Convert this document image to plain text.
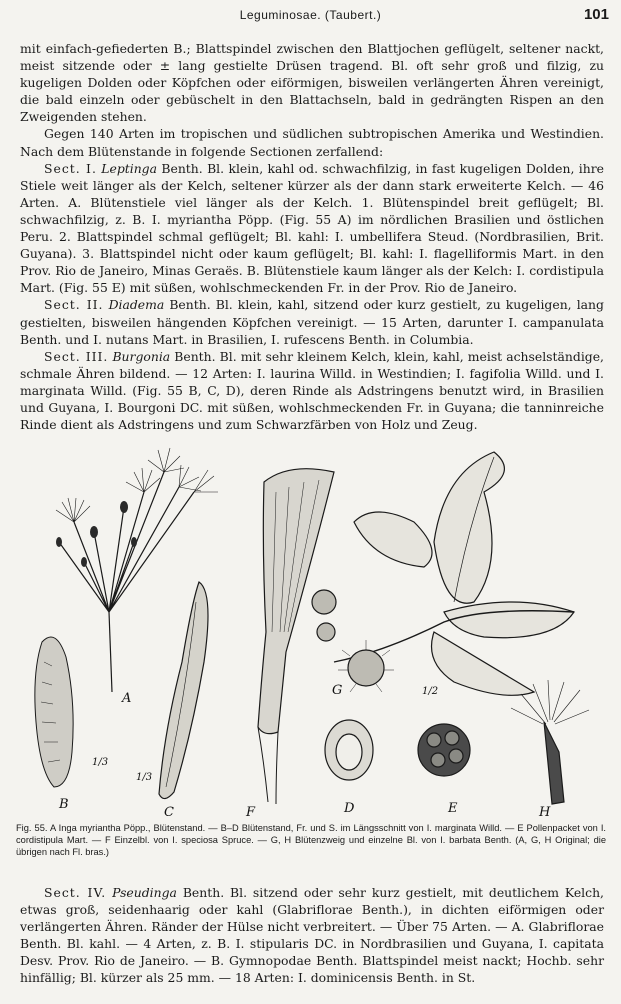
Leguminosae. (Taubert.)	101

mit einfach-gefiederten B.; Blattspindel zwischen den Blattjochen geflügelt, seltener nackt, meist sitzende oder ± lang gestielte Drüsen tragend. Bl. oft sehr groß und filzig, zu kugeligen Dolden oder Köpfchen oder eiförmigen, bisweilen verlängerten Ähren vereinigt, die bald einzeln oder gebüschelt in den Blattachseln, bald in gedrängten Rispen an den Zweigenden stehen.

Gegen 140 Arten im tropischen und südlichen subtropischen Amerika und Westindien. Nach dem Blütenstande in folgende Sectionen zerfallend:

Sect. I. Leptinga Benth. Bl. klein, kahl od. schwachfilzig, in fast kugeligen Dolden, ihre Stiele weit länger als der Kelch, seltener kürzer als der dann stark erweiterte Kelch. — 46 Arten. A. Blütenstiele viel länger als der Kelch. 1. Blütenspindel breit geflügelt; Bl. schwachfilzig, z. B. I. myriantha Pöpp. (Fig. 55 A) im nördlichen Brasilien und östlichen Peru. 2. Blattspindel schmal geflügelt; Bl. kahl: I. umbellifera Steud. (Nordbrasilien, Brit. Guyana). 3. Blattspindel nicht oder kaum geflügelt; Bl. kahl: I. flagelliformis Mart. in den Prov. Rio de Janeiro, Minas Geraës. B. Blütenstiele kaum länger als der Kelch: I. cordistipula Mart. (Fig. 55 E) mit süßen, wohlschmeckenden Fr. in der Prov. Rio de Janeiro.

Sect. II. Diadema Benth. Bl. klein, kahl, sitzend oder kurz gestielt, zu kugeligen, lang gestielten, bisweilen hängenden Köpfchen vereinigt. — 15 Arten, darunter I. campanulata Benth. und I. nutans Mart. in Brasilien, I. rufescens Benth. in Columbia.

Sect. III. Burgonia Benth. Bl. mit sehr kleinem Kelch, klein, kahl, meist achselständige, schmale Ähren bildend. — 12 Arten: I. laurina Willd. in Westindien; I. fagifolia Willd. und I. marginata Willd. (Fig. 55 B, C, D), deren Rinde als Adstringens benutzt wird, in Brasilien und Guyana, I. Bourgoni DC. mit süßen, wohlschmeckenden Fr. in Guyana; die tanninreiche Rinde dient als Adstringens und zum Schwarzfärben von Holz und Zeug.

A
B
C	D	E
F
G
H
1/3
1/3
1/2

Fig. 55. A Inga myriantha Pöpp., Blütenstand. — B–D Blütenstand, Fr. und S. im Längsschnitt von I. marginata Willd. — E Pollenpacket von I. cordistipula Mart. — F Einzelbl. von I. speciosa Spruce. — G, H Blütenzweig und einzelne Bl. von I. barbata Benth. (A, G, H Original; die übrigen nach Fl. bras.)

Sect. IV. Pseudinga Benth. Bl. sitzend oder sehr kurz gestielt, mit deutlichem Kelch, etwas groß, seidenhaarig oder kahl (Glabriflorae Benth.), in dichten eiförmigen oder verlängerten Ähren. Ränder der Hülse nicht verbreitert. — Über 75 Arten. — A. Glabriflorae Benth. Bl. kahl. — 4 Arten, z. B. I. stipularis DC. in Nordbrasilien und Guyana, I. capitata Desv. Prov. Rio de Janeiro. — B. Gymnopodae Benth. Blattspindel meist nackt; Hochb. sehr hinfällig; Bl. kürzer als 25 mm. — 18 Arten: I. dominicensis Benth. in St.
